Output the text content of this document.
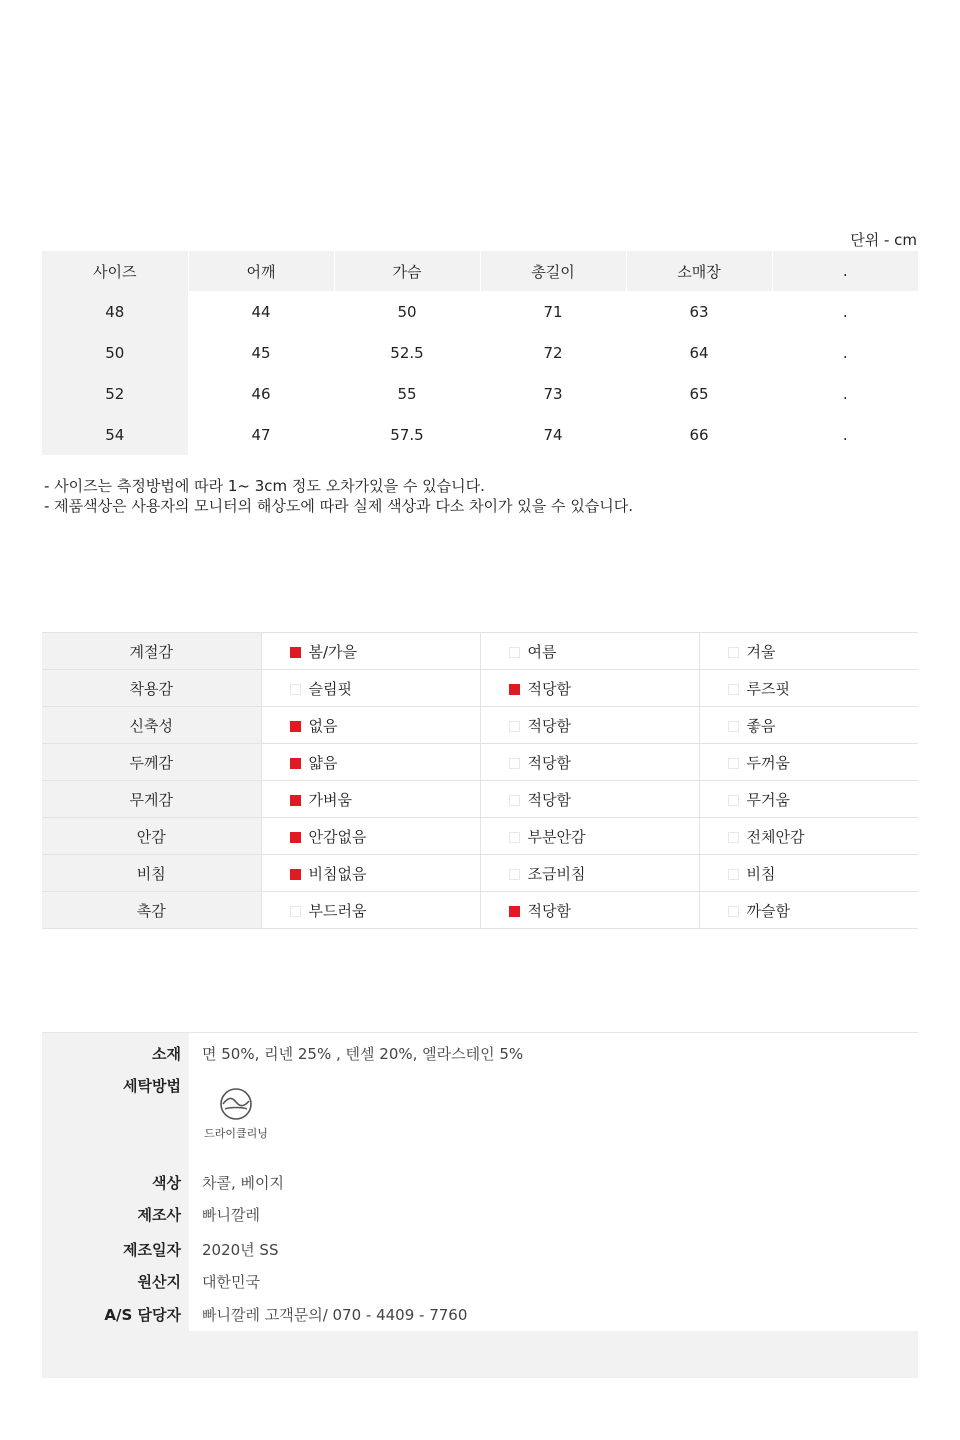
단위 - cm
사이즈	어깨	가슴	총길이	소매장	.
48	44	50	71	63	.
50	45	52.5	72	64	.
52	46	55	73	65	.
54	47	57.5	74	66	.
- 사이즈는 측정방법에 따라 1~ 3cm 정도 오차가있을 수 있습니다.
- 제품색상은 사용자의 모니터의 해상도에 따라 실제 색상과 다소 차이가 있을 수 있습니다.
계절감	봄/가을	여름	겨울
착용감	슬림핏	적당함	루즈핏
신축성	없음	적당함	좋음
두께감	얇음	적당함	두꺼움
무게감	가벼움	적당함	무거움
안감	안감없음	부분안감	전체안감
비침	비침없음	조금비침	비침
촉감	부드러움	적당함	까슬함
소재 면 50%, 리넨 25% , 텐셀 20%, 엘라스테인 5%
세탁방법
드라이클리닝
색상 차콜, 베이지
제조사 빠니깔레
제조일자 2020년 SS
원산지 대한민국
A/S 담당자 빠니깔레 고객문의/ 070 - 4409 - 7760
